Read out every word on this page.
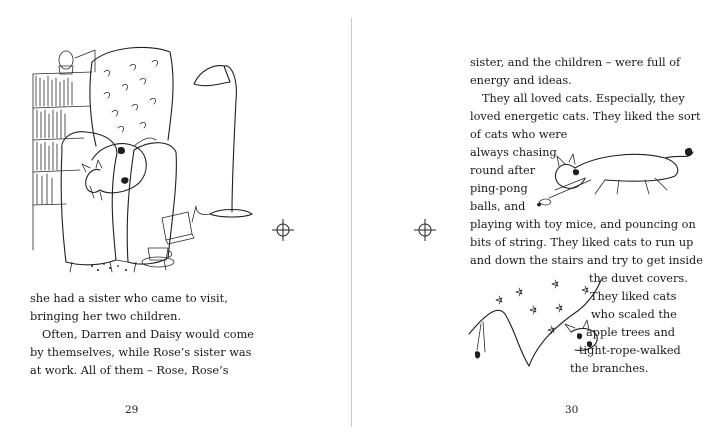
she had a sister who came to visit,
bringing her two children.
Often, Darren and Daisy would come
by themselves, while Rose’s sister was
at work. All of them – Rose, Rose’s
29
sister, and the children – were full of
energy and ideas.
They all loved cats. Especially, they
loved energetic cats. They liked the sort
of cats who were
always chasing
round after
ping-pong
balls, and
playing with toy mice, and pouncing on
bits of string. They liked cats to run up
and down the stairs and try to get inside
the duvet covers.
They liked cats
who scaled the
apple trees and
tight-rope-walked
the branches.
30
